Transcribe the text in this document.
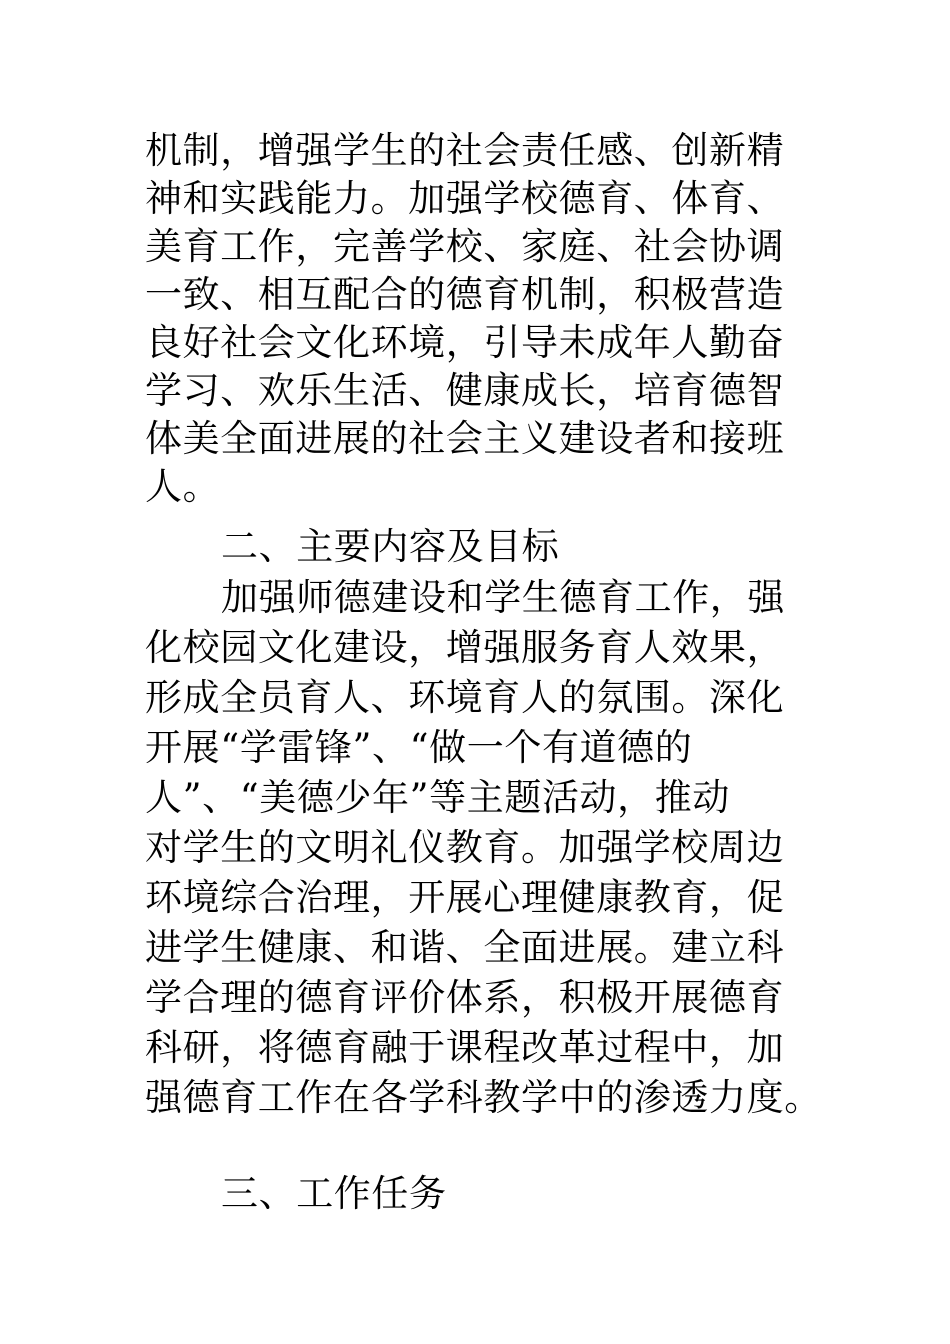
机制，增强学生的社会责任感、创新精
神和实践能力。加强学校德育、体育、
美育工作，完善学校、家庭、社会协调
一致、相互配合的德育机制，积极营造
良好社会文化环境，引导未成年人勤奋
学习、欢乐生活、健康成长，培育德智
体美全面进展的社会主义建设者和接班
人。
二、主要内容及目标
加强师德建设和学生德育工作，强
化校园文化建设，增强服务育人效果，
形成全员育人、环境育人的氛围。深化
开展“学雷锋”、“做一个有道德的
人”、“美德少年”等主题活动，推动
对学生的文明礼仪教育。加强学校周边
环境综合治理，开展心理健康教育，促
进学生健康、和谐、全面进展。建立科
学合理的德育评价体系，积极开展德育
科研，将德育融于课程改革过程中，加
强德育工作在各学科教学中的渗透力度。
三、工作任务
